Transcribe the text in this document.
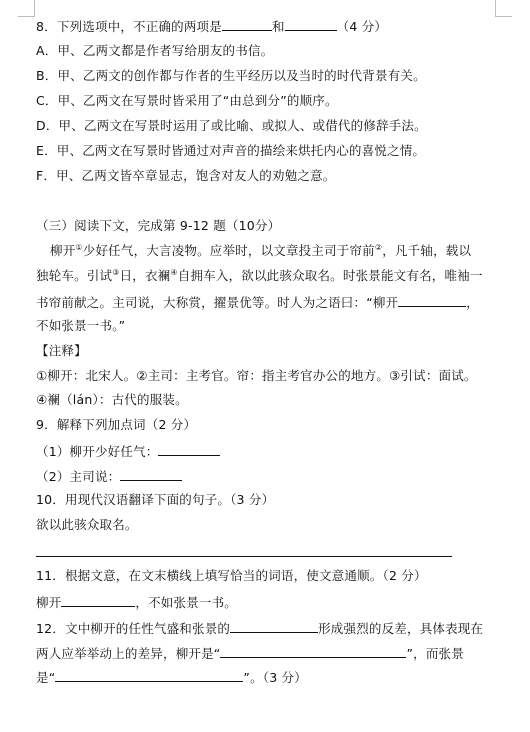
8．下列选项中，不正确的两项是	和	（4 分）
A．甲、乙两文都是作者写给朋友的书信。
B．甲、乙两文的创作都与作者的生平经历以及当时的时代背景有关。
C．甲、乙两文在写景时皆采用了“由总到分”的顺序。
D．甲、乙两文在写景时运用了或比喻、或拟人、或借代的修辞手法。
E．甲、乙两文在写景时皆通过对声音的描绘来烘托内心的喜悦之情。
F．甲、乙两文皆卒章显志，饱含对友人的劝勉之意。
（三）阅读下文，完成第 9-12 题（10分）
柳开①少好任气，大言凌物。应举时，以文章投主司于帘前②，凡千轴，载以
独轮车。引试③日，衣襕④自拥车入，欲以此骇众取名。时张景能文有名，唯袖一
书帘前献之。主司说，大称赏，擢景优等。时人为之语曰：“柳开	，
不如张景一书。”
【注释】
①柳开：北宋人。②主司：主考官。帘：指主考官办公的地方。③引试：面试。
④襕（lán）：古代的服装。
9．解释下列加点词（2 分）
（1）柳开少好任气：
（2）主司说：
10．用现代汉语翻译下面的句子。（3 分）
欲以此骇众取名。
11．根据文意，在文末横线上填写恰当的词语，使文意通顺。（2 分）
柳开	，不如张景一书。
12．文中柳开的任性气盛和张景的	形成强烈的反差，具体表现在
两人应举举动上的差异，柳开是“	”，而张景
是“	”。（3 分）
